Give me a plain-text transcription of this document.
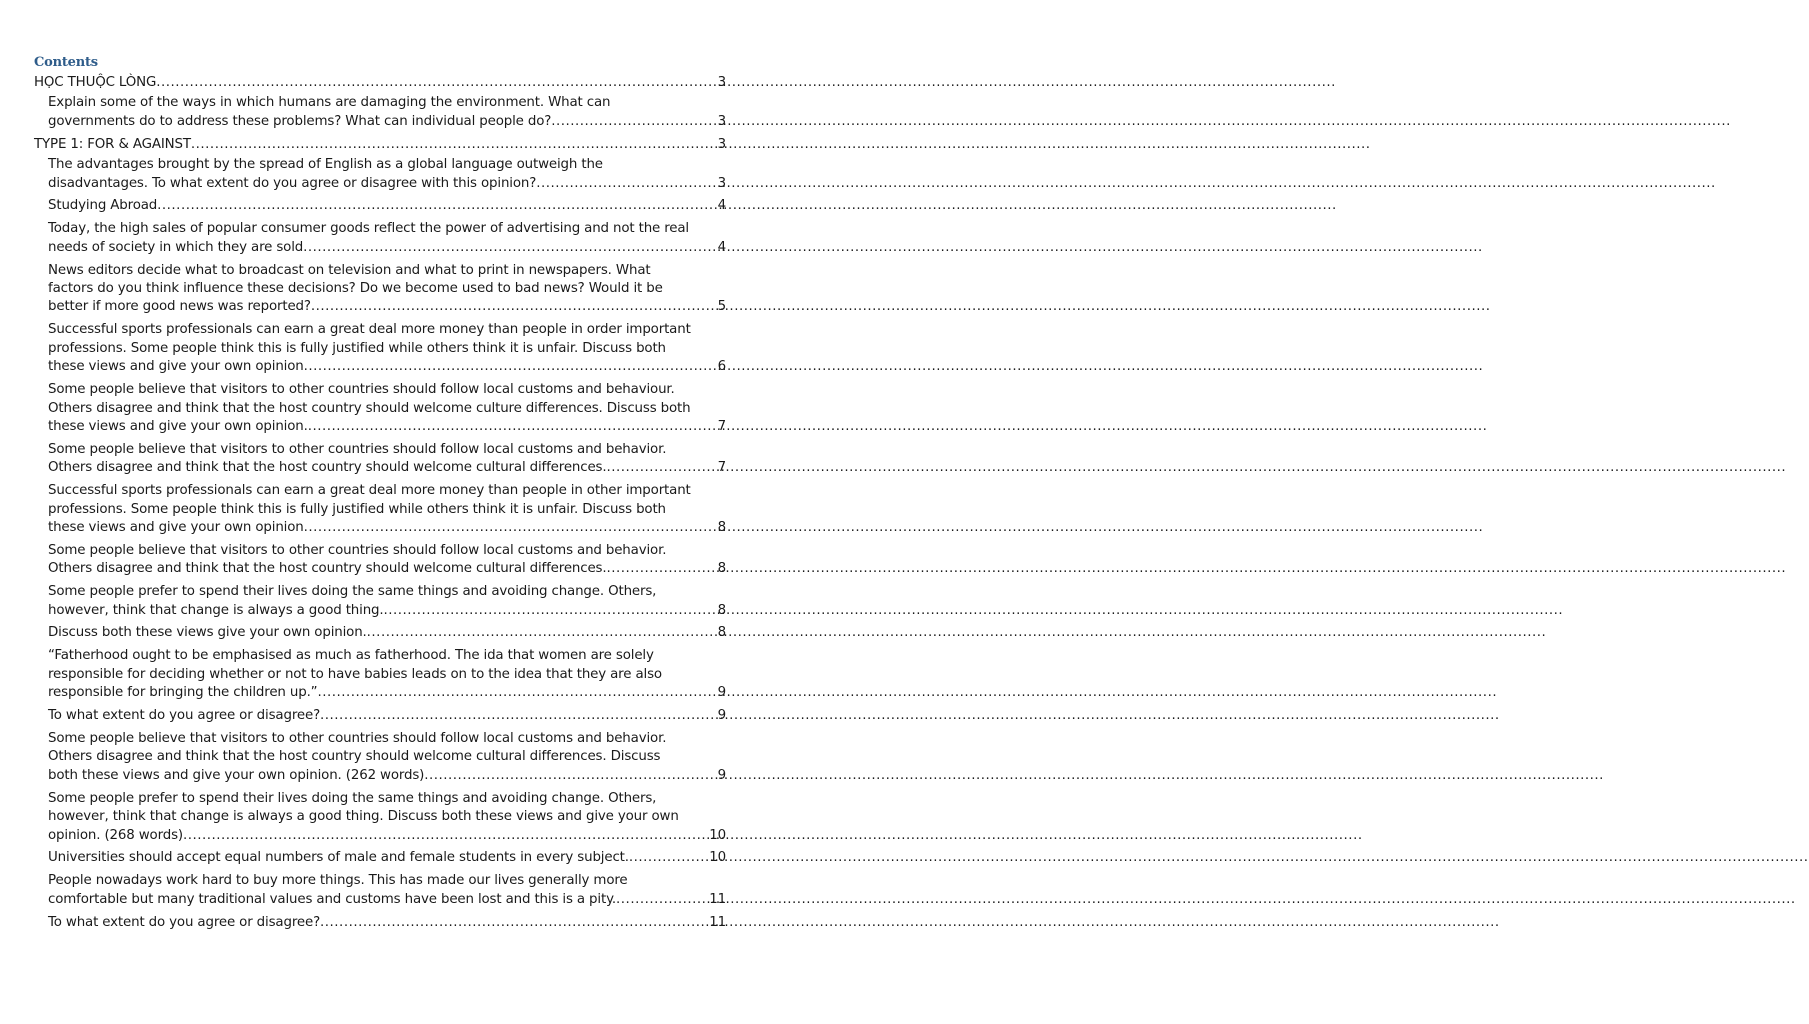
Contents
HỌC THUỘC LÒNG .....	3
Explain some of the ways in which humans are damaging the environment. What can
governments do to address these problems? What can individual people do? .....	3
TYPE 1: FOR & AGAINST .....	3
The advantages brought by the spread of English as a global language outweigh the
disadvantages. To what extent do you agree or disagree with this opinion? .....	3
Studying Abroad .....	4
Today, the high sales of popular consumer goods reflect the power of advertising and not the real
needs of society in which they are sold .....	4
News editors decide what to broadcast on television and what to print in newspapers. What
factors do you think influence these decisions? Do we become used to bad news? Would it be
better if more good news was reported? .....	5
Successful sports professionals can earn a great deal more money than people in order important
professions. Some people think this is fully justified while others think it is unfair. Discuss both
these views and give your own opinion .....	6
Some people believe that visitors to other countries should follow local customs and behaviour.
Others disagree and think that the host country should welcome culture differences. Discuss both
these views and give your own opinion. .....	7
Some people believe that visitors to other countries should follow local customs and behavior.
Others disagree and think that the host country should welcome cultural differences. .....	7
Successful sports professionals can earn a great deal more money than people in other important
professions. Some people think this is fully justified while others think it is unfair. Discuss both
these views and give your own opinion .....	8
Some people believe that visitors to other countries should follow local customs and behavior.
Others disagree and think that the host country should welcome cultural differences. .....	8
Some people prefer to spend their lives doing the same things and avoiding change. Others,
however, think that change is always a good thing. .....	8
Discuss both these views give your own opinion. .....	8
“Fatherhood ought to be emphasised as much as fatherhood. The ida that women are solely
responsible for deciding whether or not to have babies leads on to the idea that they are also
responsible for bringing the children up.” .....	9
To what extent do you agree or disagree? .....	9
Some people believe that visitors to other countries should follow local customs and behavior.
Others disagree and think that the host country should welcome cultural differences. Discuss
both these views and give your own opinion. (262 words) .....	9
Some people prefer to spend their lives doing the same things and avoiding change. Others,
however, think that change is always a good thing. Discuss both these views and give your own
opinion. (268 words) .....	10
Universities should accept equal numbers of male and female students in every subject. .....	10
People nowadays work hard to buy more things. This has made our lives generally more
comfortable but many traditional values and customs have been lost and this is a pity. .....	11
To what extent do you agree or disagree? .....	11
